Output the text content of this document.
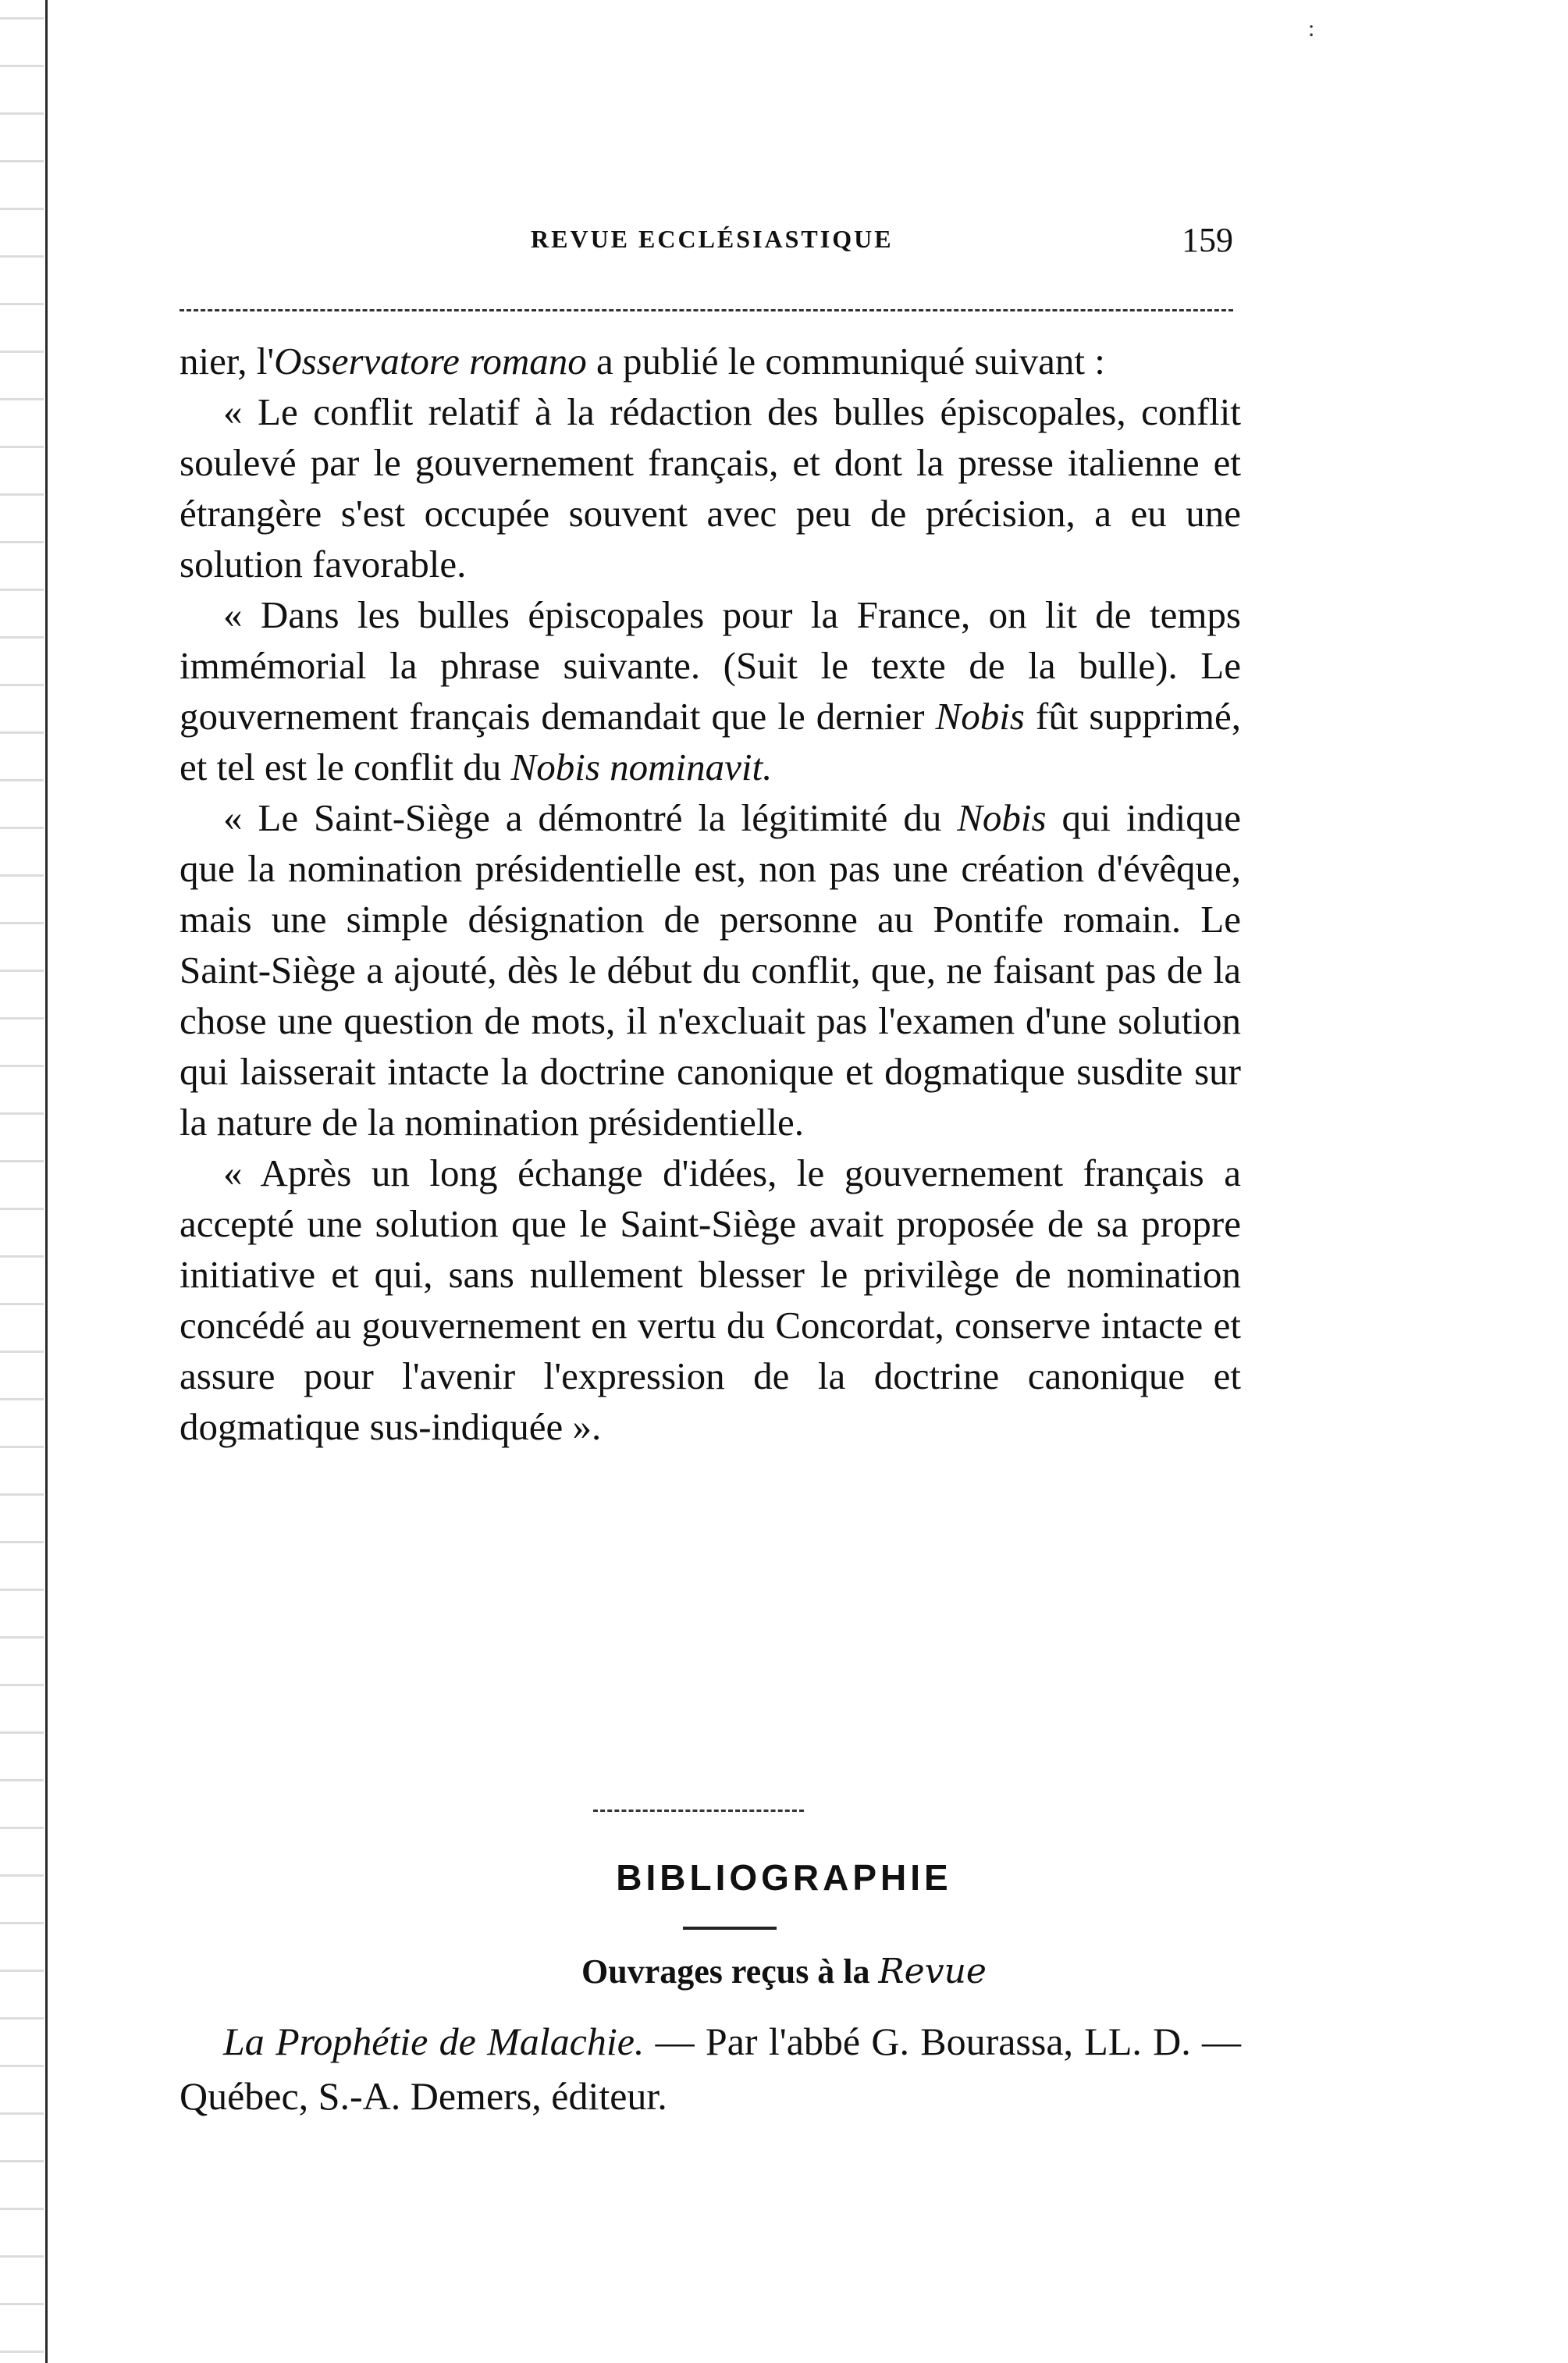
:
REVUE ECCLÉSIASTIQUE	159

nier, l'Osservatore romano a publié le communiqué suivant :

« Le conflit relatif à la rédaction des bulles épiscopales, conflit soulevé par le gouvernement français, et dont la presse italienne et étrangère s'est occupée souvent avec peu de précision, a eu une solution favorable.

« Dans les bulles épiscopales pour la France, on lit de temps immémorial la phrase suivante. (Suit le texte de la bulle). Le gouvernement français demandait que le dernier Nobis fût supprimé, et tel est le conflit du Nobis nominavit.

« Le Saint-Siège a démontré la légitimité du Nobis qui indique que la nomination présidentielle est, non pas une création d'évêque, mais une simple désignation de personne au Pontife romain. Le Saint-Siège a ajouté, dès le début du conflit, que, ne faisant pas de la chose une question de mots, il n'excluait pas l'examen d'une solution qui laisserait intacte la doctrine canonique et dogmatique susdite sur la nature de la nomination présidentielle.

« Après un long échange d'idées, le gouvernement français a accepté une solution que le Saint-Siège avait proposée de sa propre initiative et qui, sans nullement blesser le privilège de nomination concédé au gouvernement en vertu du Concordat, conserve intacte et assure pour l'avenir l'expression de la doctrine canonique et dogmatique sus-indiquée ».

BIBLIOGRAPHIE
Ouvrages reçus à la Revue

La Prophétie de Malachie. — Par l'abbé G. Bourassa, LL. D. — Québec, S.-A. Demers, éditeur.
